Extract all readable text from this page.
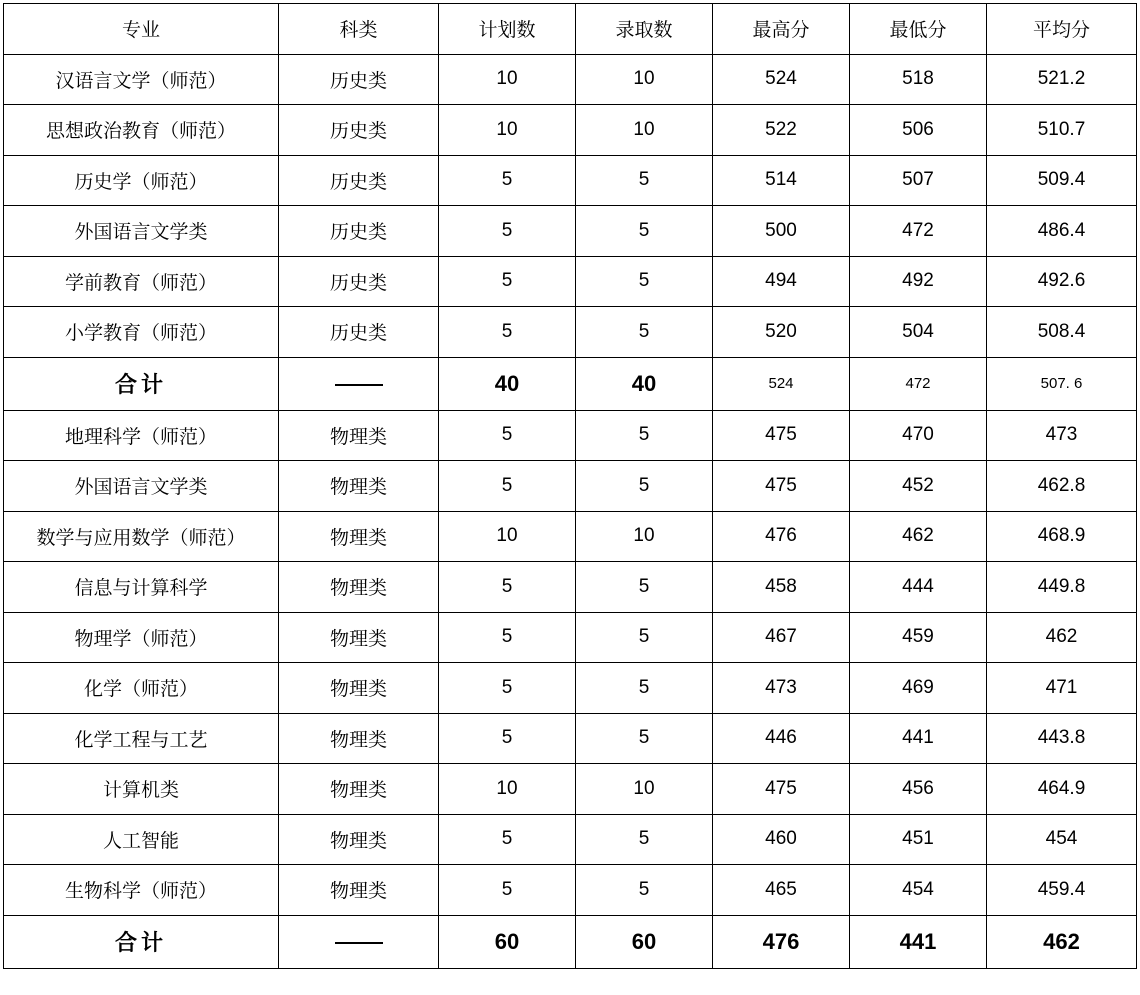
专业	科类	计划数	录取数	最高分	最低分	平均分
汉语言文学（师范）	历史类	10	10	524	518	521.2
思想政治教育（师范）	历史类	10	10	522	506	510.7
历史学（师范）	历史类	5	5	514	507	509.4
外国语言文学类	历史类	5	5	500	472	486.4
学前教育（师范）	历史类	5	5	494	492	492.6
小学教育（师范）	历史类	5	5	520	504	508.4
合计		40	40	524	472	507. 6
地理科学（师范）	物理类	5	5	475	470	473
外国语言文学类	物理类	5	5	475	452	462.8
数学与应用数学（师范）	物理类	10	10	476	462	468.9
信息与计算科学	物理类	5	5	458	444	449.8
物理学（师范）	物理类	5	5	467	459	462
化学（师范）	物理类	5	5	473	469	471
化学工程与工艺	物理类	5	5	446	441	443.8
计算机类	物理类	10	10	475	456	464.9
人工智能	物理类	5	5	460	451	454
生物科学（师范）	物理类	5	5	465	454	459.4
合计		60	60	476	441	462
